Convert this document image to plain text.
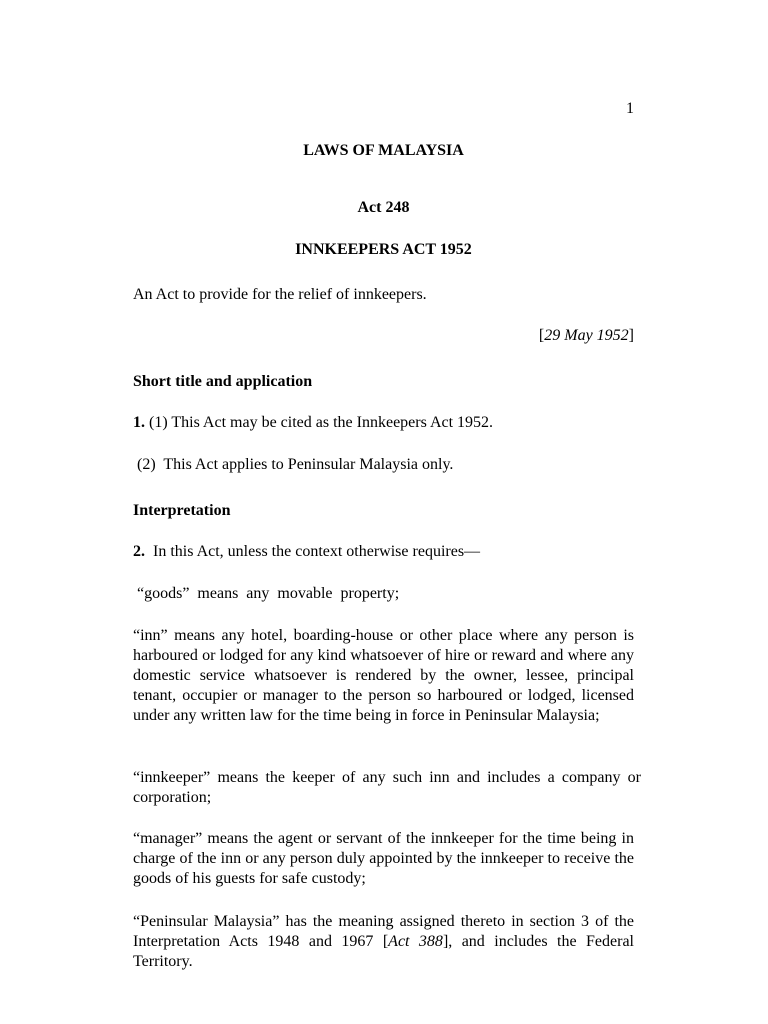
1
LAWS OF MALAYSIA
Act 248
INNKEEPERS ACT 1952
An Act to provide for the relief of innkeepers.
[29 May 1952]
Short title and application
1. (1) This Act may be cited as the Innkeepers Act 1952.
(2)  This Act applies to Peninsular Malaysia only.
Interpretation
2.  In this Act, unless the context otherwise requires—
“goods”  means  any  movable  property;
“inn” means any hotel, boarding-house or other place where any person is harboured or lodged for any kind whatsoever of hire or reward and where any domestic service whatsoever is rendered by the owner, lessee, principal tenant, occupier or manager to the person so harboured or lodged, licensed under any written law for the time being in force in Peninsular Malaysia;
“innkeeper” means the keeper of any such inn and includes a company or corporation;
“manager” means the agent or servant of the innkeeper for the time being in charge of the inn or any person duly appointed by the innkeeper to receive the goods of his guests for safe custody;
“Peninsular Malaysia” has the meaning assigned thereto in section 3 of the Interpretation Acts 1948 and 1967 [Act 388], and includes the Federal Territory.
